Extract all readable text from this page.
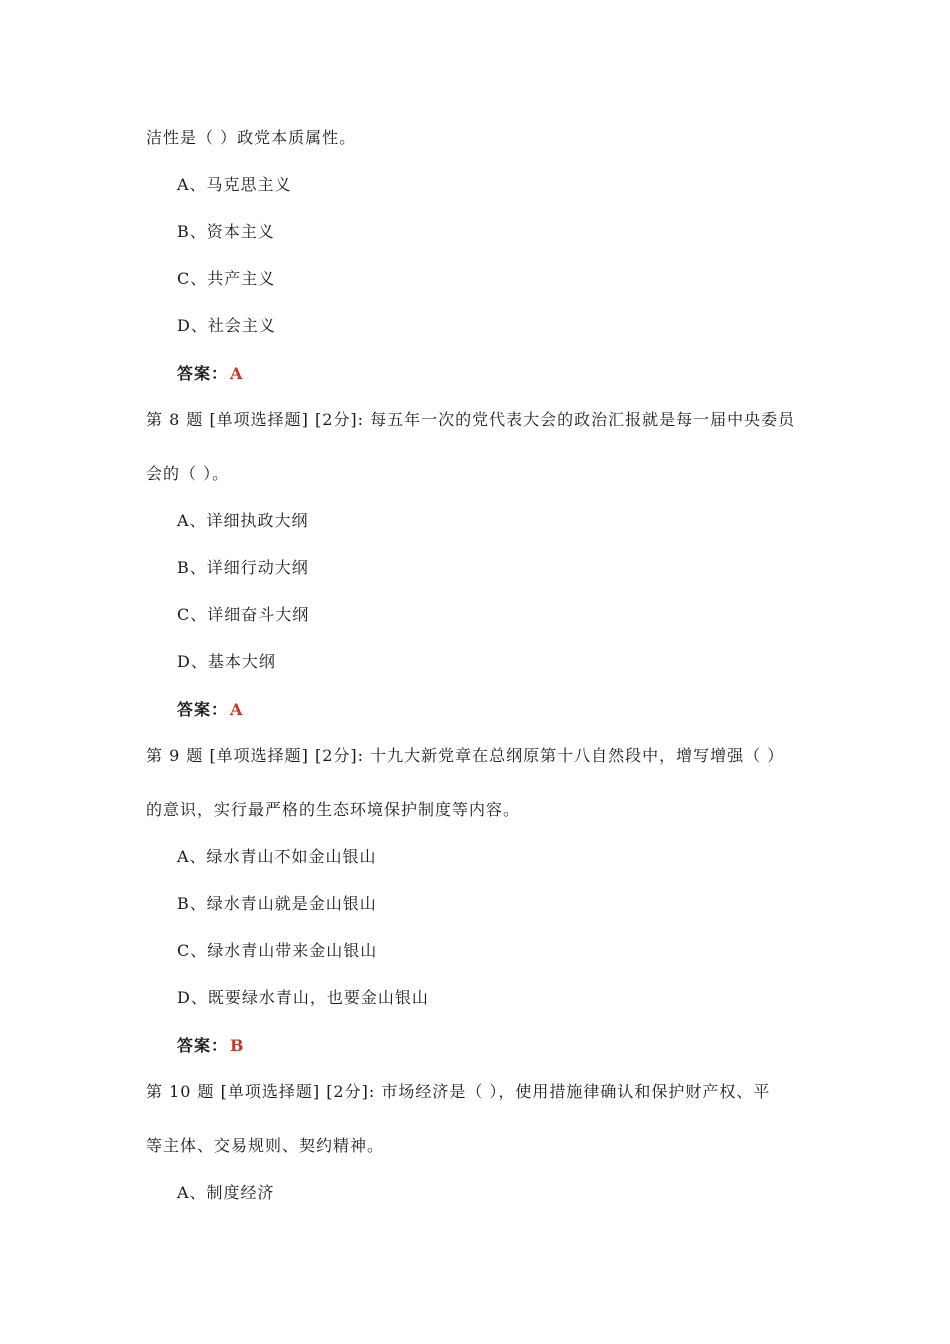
洁性是（ ）政党本质属性。
A、马克思主义
B、资本主义
C、共产主义
D、社会主义
答案： A
第 8 题 [单项选择题] [2分]: 每五年一次的党代表大会的政治汇报就是每一届中央委员
会的（ ）。
A、详细执政大纲
B、详细行动大纲
C、详细奋斗大纲
D、基本大纲
答案： A
第 9 题 [单项选择题] [2分]: 十九大新党章在总纲原第十八自然段中，增写增强（ ）
的意识，实行最严格的生态环境保护制度等内容。
A、绿水青山不如金山银山
B、绿水青山就是金山银山
C、绿水青山带来金山银山
D、既要绿水青山，也要金山银山
答案： B
第 10 题 [单项选择题] [2分]: 市场经济是（ ），使用措施律确认和保护财产权、平
等主体、交易规则、契约精神。
A、制度经济
